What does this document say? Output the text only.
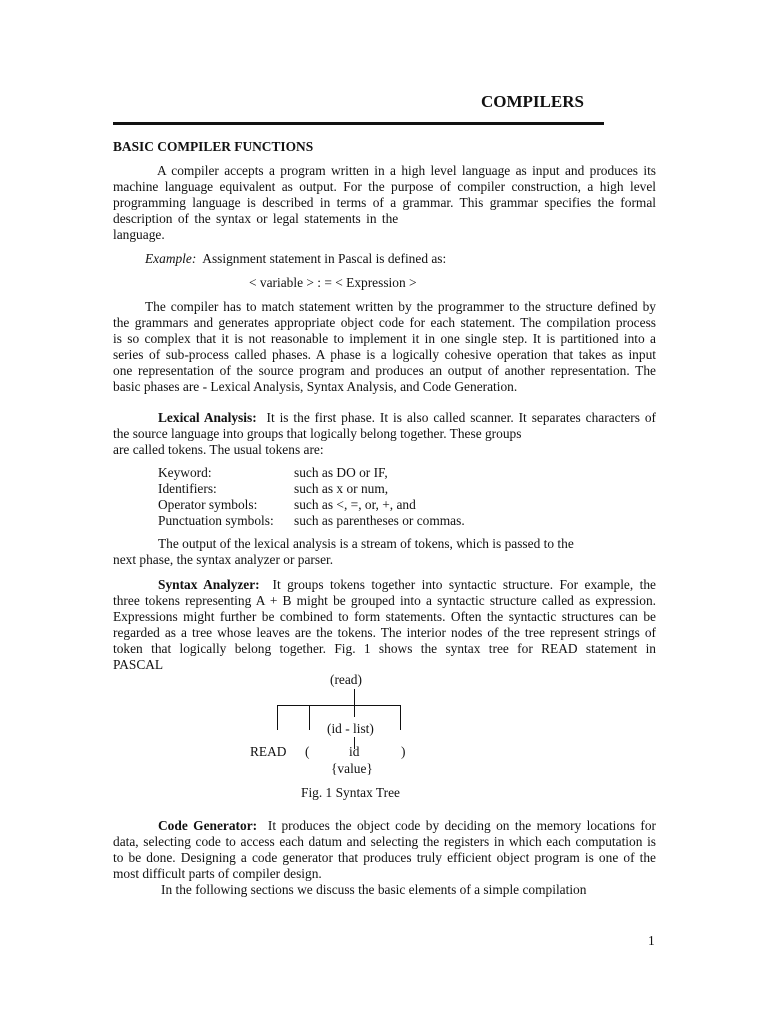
COMPILERS
BASIC COMPILER FUNCTIONS
A compiler accepts a program written in a high level language as input and produces its
machine language equivalent as output. For the purpose of compiler construction, a high level
programming language is described in terms of a grammar. This grammar specifies the formal
description of the syntax or legal statements in the
language.
Example: Assignment statement in Pascal is defined as:
< variable > : = < Expression >
The compiler has to match statement written by the programmer to the structure defined by
the grammars and generates appropriate object code for each statement. The compilation process
is so complex that it is not reasonable to implement it in one single step. It is partitioned into a
series of sub-process called phases. A phase is a logically cohesive operation that takes as input
one representation of the source program and produces an output of another representation. The
basic phases are - Lexical Analysis, Syntax Analysis, and Code Generation.
Lexical Analysis: It is the first phase. It is also called scanner. It separates characters of
the source language into groups that logically belong together. These groups
are called tokens. The usual tokens are:
Keyword:	such as DO or IF,
Identifiers:	such as x or num,
Operator symbols:	such as <, =, or, +, and
Punctuation symbols: such as parentheses or commas.
The output of the lexical analysis is a stream of tokens, which is passed to the
next phase, the syntax analyzer or parser.
Syntax Analyzer: It groups tokens together into syntactic structure. For example, the
three tokens representing A + B might be grouped into a syntactic structure called as expression.
Expressions might further be combined to form statements. Often the syntactic structures can be
regarded as a tree whose leaves are the tokens. The interior nodes of the tree represent strings of
token that logically belong together. Fig. 1 shows the syntax tree for READ statement in
PASCAL
(read)
(id - list)
READ (	id	)
{value}
Fig. 1 Syntax Tree
Code Generator: It produces the object code by deciding on the memory locations for
data, selecting code to access each datum and selecting the registers in which each computation is
to be done. Designing a code generator that produces truly efficient object program is one of the
most difficult parts of compiler design.
In the following sections we discuss the basic elements of a simple compilation
1
